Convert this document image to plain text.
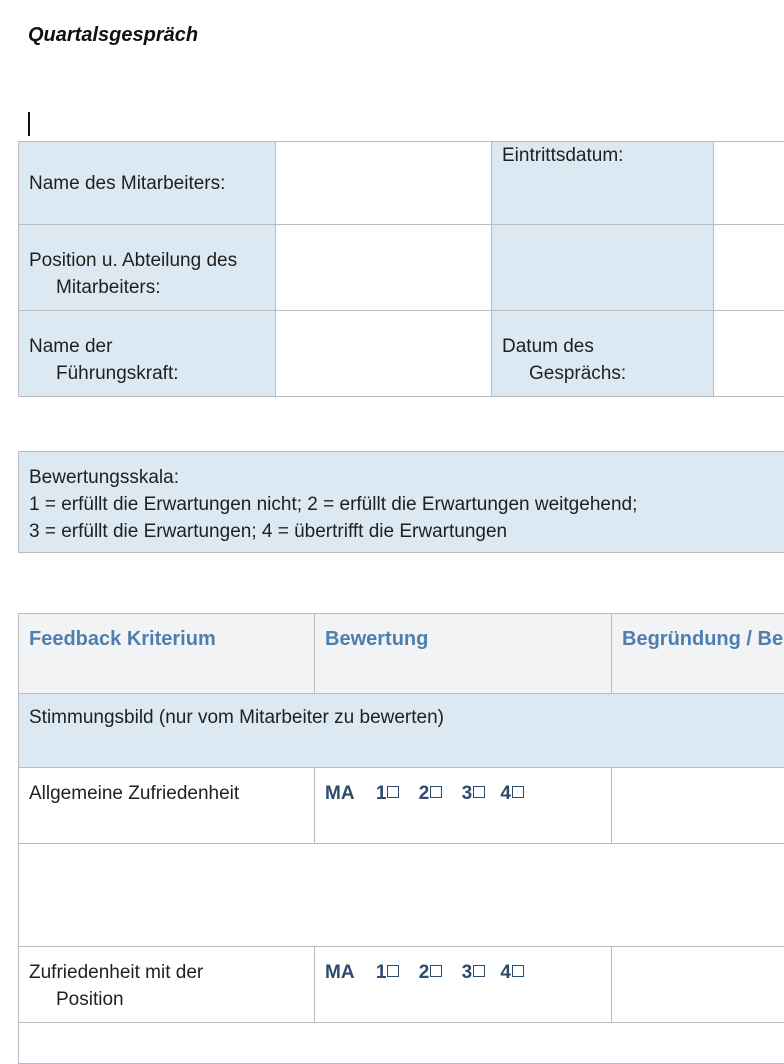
Quartalsgespräch
Name des Mitarbeiters:		Eintrittsdatum:	

Position u. Abteilung des
Mitarbeiters:			

Name der
Führungskraft:		Datum des
Gesprächs:	

Bewertungsskala:
1 = erfüllt die Erwartungen nicht; 2 = erfüllt die Erwartungen weitgehend;
3 = erfüllt die Erwartungen; 4 = übertrifft die Erwartungen
Feedback Kriterium	Bewertung	Begründung / Be
Stimmungsbild (nur vom Mitarbeiter zu bewerten)		
Allgemeine Zufriedenheit	MA 1 2 3 4	

Zufriedenheit mit der
Position	MA 1 2 3 4	
